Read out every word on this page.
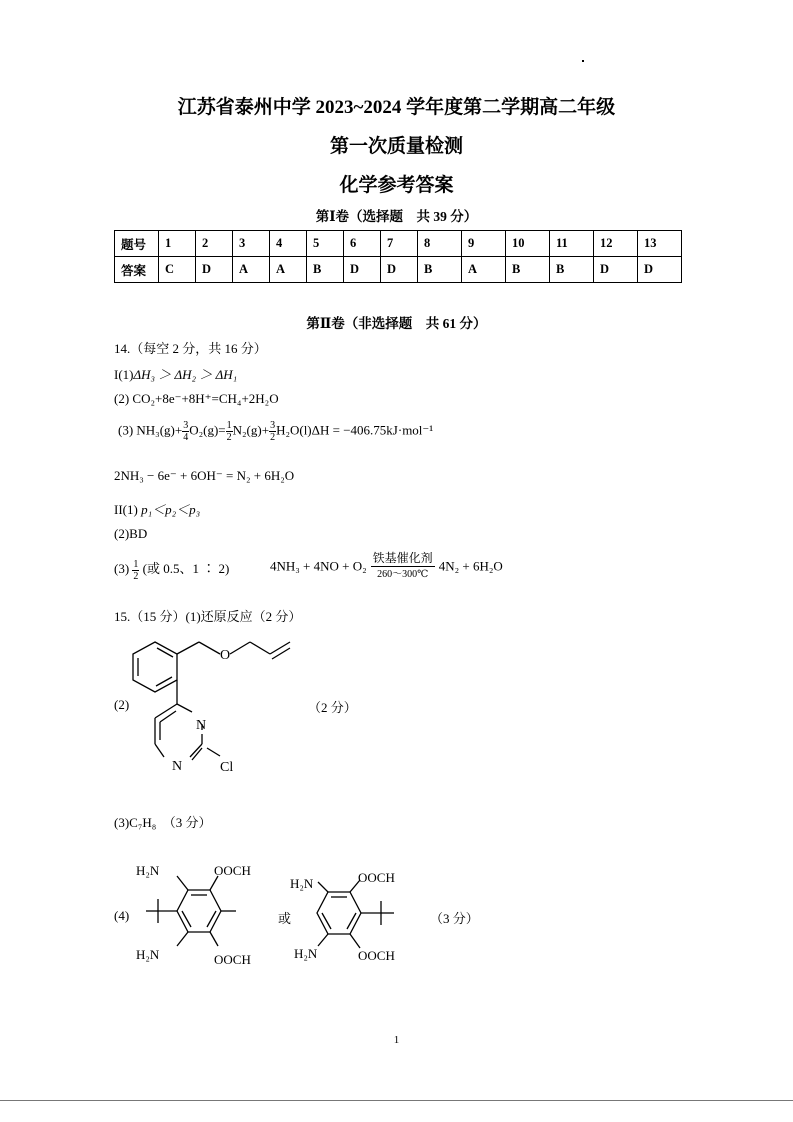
江苏省泰州中学 2023~2024 学年度第二学期高二年级
第一次质量检测
化学参考答案
第Ⅰ卷（选择题　共 39 分）
题号	1	2	3	4	5	6	7	8	9	10	11	12	13
答案	C	D	A	A	B	D	D	B	A	B	B	D	D
第Ⅱ卷（非选择题　共 61 分）
14.（每空 2 分，共 16 分）
I(1)ΔH₃ ＞ ΔH₂ ＞ ΔH₁
(2) CO₂+8e⁻+8H⁺=CH₄+2H₂O
(3) $NH_3(g)+ \frac{3}{4} O_2(g)= \frac{1}{2} N_2(g)+ \frac{3}{2} H_2O(l)\Delta H = -406.75kJ\cdot mol^{-1}$
2NH₃ − 6e⁻ + 6OH⁻ = N₂ + 6H₂O
II(1) p₁＜p₂＜p₃
(2)BD
$(3) \frac{1}{2}$ (或 0.5、1 ∶ 2)	4NH₃ + 4NO + O₂
铁基催化剂
260～300℃
4N₂ + 6H₂O
15.（15 分）(1)还原反应（2 分）
(2)	（2 分）
O
N
N	Cl
(3)C₇H₈ （3 分）
(4)	或	（3 分）
H₂N	OOCH
H₂N	OOCH
H₂N	OOCH
H₂N	OOCH
1
